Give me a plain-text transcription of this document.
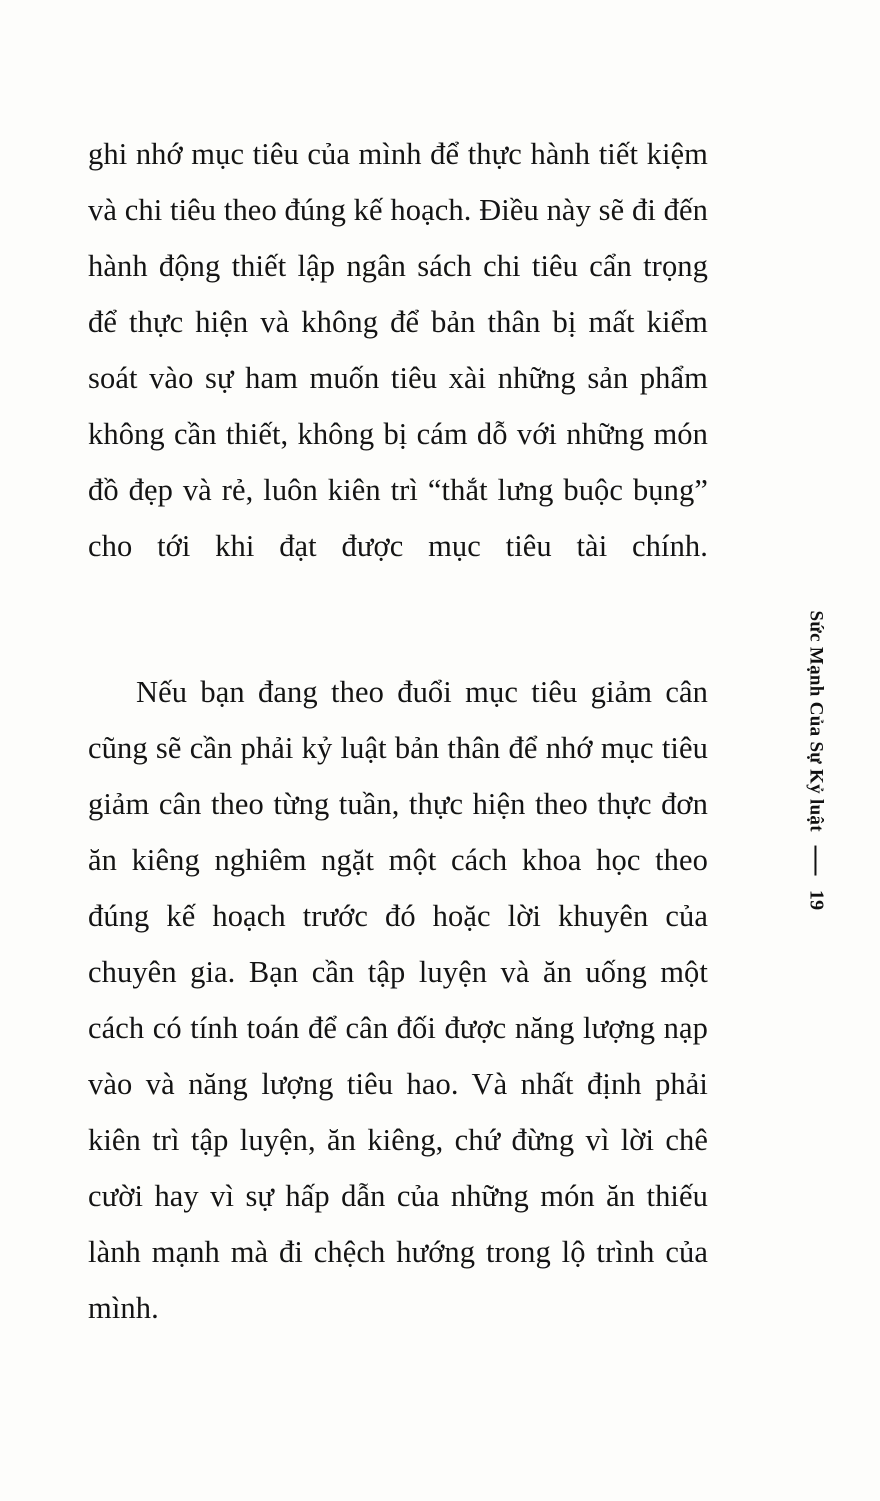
ghi nhớ mục tiêu của mình để thực hành tiết kiệm và chi tiêu theo đúng kế hoạch. Điều này sẽ đi đến hành động thiết lập ngân sách chi tiêu cẩn trọng để thực hiện và không để bản thân bị mất kiểm soát vào sự ham muốn tiêu xài những sản phẩm không cần thiết, không bị cám dỗ với những món đồ đẹp và rẻ, luôn kiên trì “thắt lưng buộc bụng” cho tới khi đạt được mục tiêu tài chính.

Nếu bạn đang theo đuổi mục tiêu giảm cân cũng sẽ cần phải kỷ luật bản thân để nhớ mục tiêu giảm cân theo từng tuần, thực hiện theo thực đơn ăn kiêng nghiêm ngặt một cách khoa học theo đúng kế hoạch trước đó hoặc lời khuyên của chuyên gia. Bạn cần tập luyện và ăn uống một cách có tính toán để cân đối được năng lượng nạp vào và năng lượng tiêu hao. Và nhất định phải kiên trì tập luyện, ăn kiêng, chứ đừng vì lời chê cười hay vì sự hấp dẫn của những món ăn thiếu lành mạnh mà đi chệch hướng trong lộ trình của mình.

Sức Mạnh Của Sự Kỷ luật
19
